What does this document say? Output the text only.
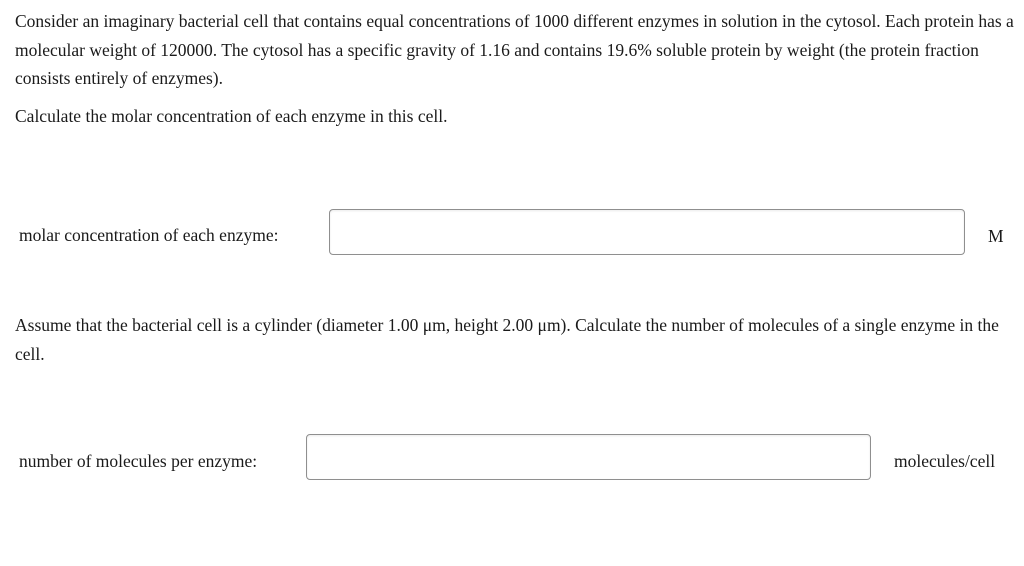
Consider an imaginary bacterial cell that contains equal concentrations of 1000 different enzymes in solution in the cytosol. Each protein has a molecular weight of 120000. The cytosol has a specific gravity of 1.16 and contains 19.6% soluble protein by weight (the protein fraction consists entirely of enzymes).

Calculate the molar concentration of each enzyme in this cell.

molar concentration of each enzyme:	M

Assume that the bacterial cell is a cylinder (diameter 1.00 μm, height 2.00 μm). Calculate the number of molecules of a single enzyme in the cell.

number of molecules per enzyme:	molecules/cell
